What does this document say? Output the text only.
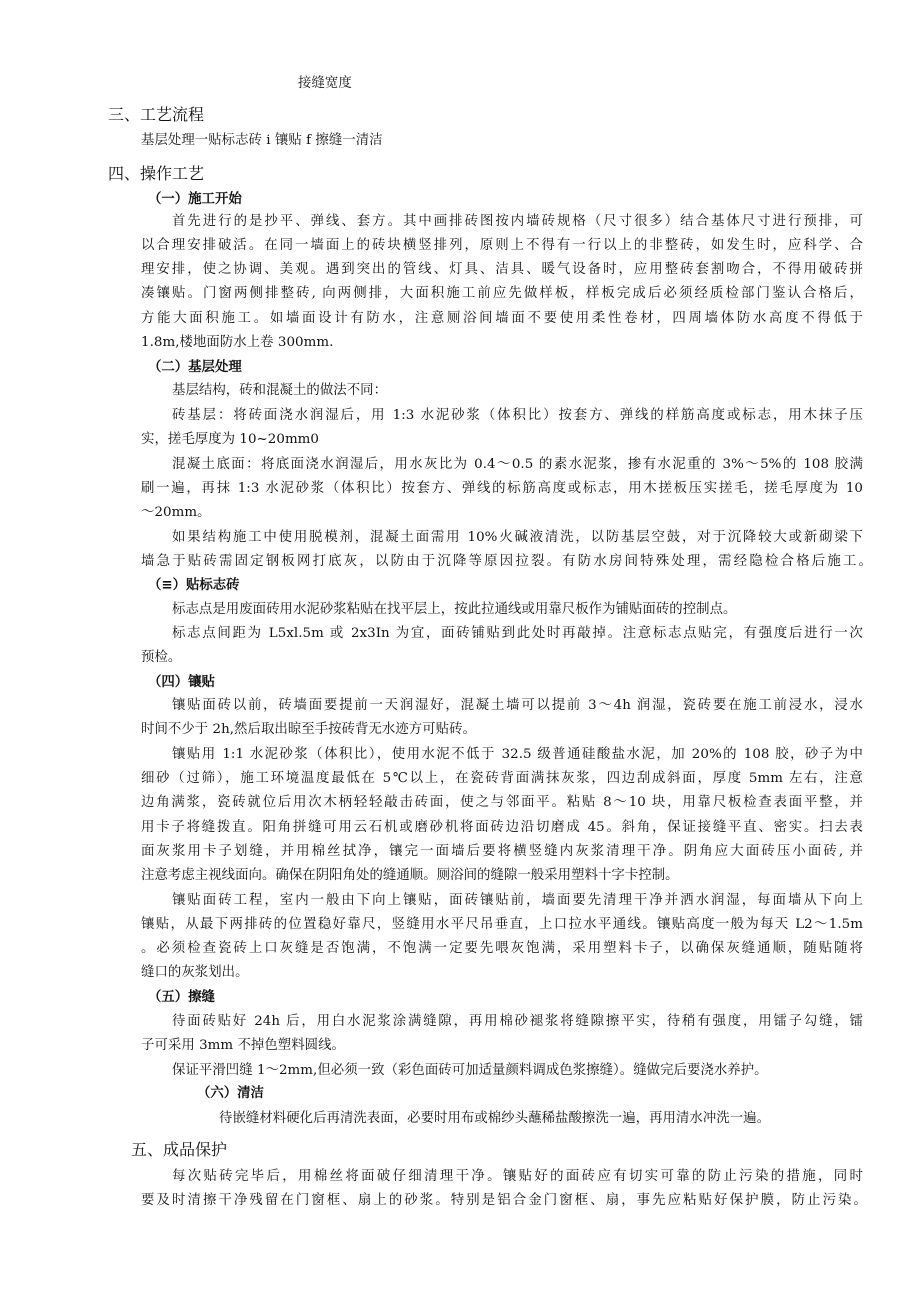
接缝宽度
三、工艺流程
基层处理一贴标志砖 i 镶贴 f 擦缝一清洁
四、操作工艺
（一）施工开始
首先进行的是抄平、弹线、套方。其中画排砖图按内墙砖规格（尺寸很多）结合基体尺寸进行预排，可
以合理安排破活。在同一墙面上的砖块横竖排列，原则上不得有一行以上的非整砖，如发生时，应科学、合
理安排，使之协调、美观。遇到突出的管线、灯具、洁具、暖气设备时，应用整砖套割吻合，不得用破砖拼
凑镶贴。门窗两侧排整砖, 向两侧排，大面积施工前应先做样板，样板完成后必须经质检部门鉴认合格后，
方能大面积施工。如墙面设计有防水，注意厕浴间墙面不要使用柔性卷材，四周墙体防水高度不得低于
1.8m,楼地面防水上卷 300mm.
（二）基层处理
基层结构，砖和混凝土的做法不同：
砖基层：将砖面浇水润湿后，用 1:3 水泥砂浆（体积比）按套方、弹线的样筋高度或标志，用木抹子压
实，搓毛厚度为 10~20mm0
混凝土底面：将底面浇水润湿后，用水灰比为 0.4～0.5 的素水泥浆，掺有水泥重的 3%～5%的 108 胶满
刷一遍，再抹 1:3 水泥砂浆（体积比）按套方、弹线的标筋高度或标志，用木搓板压实搓毛，搓毛厚度为 10
～20mm。
如果结构施工中使用脱模剂，混凝土面需用 10%火碱液清洗，以防基层空鼓，对于沉降较大或新砌梁下
墙急于贴砖需固定钢板网打底灰，以防由于沉降等原因拉裂。有防水房间特殊处理，需经隐检合格后施工。
（≡）贴标志砖
标志点是用废面砖用水泥砂浆粘贴在找平层上，按此拉通线或用靠尺板作为铺贴面砖的控制点。
标志点间距为 L5xl.5m 或 2x3In 为宜，面砖铺贴到此处时再敲掉。注意标志点贴完，有强度后进行一次
预检。
（四）镶贴
镶贴面砖以前，砖墙面要提前一天润湿好，混凝土墙可以提前 3～4h 润湿，瓷砖要在施工前浸水，浸水
时间不少于 2h,然后取出晾至手按砖背无水迹方可贴砖。
镶贴用 1:1 水泥砂浆（体积比），使用水泥不低于 32.5 级普通硅酸盐水泥，加 20%的 108 胶，砂子为中
细砂（过筛），施工环境温度最低在 5℃以上，在瓷砖背面满抹灰浆，四边刮成斜面，厚度 5mm 左右，注意
边角满浆，瓷砖就位后用次木柄轻轻敲击砖面，使之与邻面平。粘贴 8～10 块，用靠尺板检查表面平整，并
用卡子将缝拨直。阳角拼缝可用云石机或磨砂机将面砖边沿切磨成 45。斜角，保证接缝平直、密实。扫去表
面灰浆用卡子划缝，并用棉丝拭净，镶完一面墙后要将横竖缝内灰浆清理干净。阴角应大面砖压小面砖, 并
注意考虑主视线面向。确保在阴阳角处的缝通顺。厕浴间的缝隙一般采用塑料十字卡控制。
镶贴面砖工程，室内一般由下向上镶贴，面砖镶贴前，墙面要先清理干净并洒水润湿，每面墙从下向上
镶贴，从最下两排砖的位置稳好靠尺，竖缝用水平尺吊垂直，上口拉水平通线。镶贴高度一般为每天 L2～1.5m
。必须检查瓷砖上口灰缝是否饱满，不饱满一定要先喂灰饱满，采用塑料卡子，以确保灰缝通顺，随贴随将
缝口的灰浆划出。
（五）擦缝
待面砖贴好 24h 后，用白水泥浆涂满缝隙，再用棉砂褪浆将缝隙擦平实，待稍有强度，用镭子勾缝，镭
子可采用 3mm 不掉色塑料圆线。
保证平滑凹缝 1～2mm,但必须一致（彩色面砖可加适量颜料调成色浆擦缝）。缝做完后要浇水养护。
（六）清洁
待嵌缝材料硬化后再清洗表面，必要时用布或棉纱头蘸稀盐酸擦洗一遍，再用清水冲洗一遍。
五、成品保护
每次贴砖完毕后，用棉丝将面破仔细清理干净。镶贴好的面砖应有切实可靠的防止污染的措施，同时
要及时清擦干净残留在门窗框、扇上的砂浆。特别是铝合金门窗框、扇，事先应粘贴好保护膜，防止污染。
